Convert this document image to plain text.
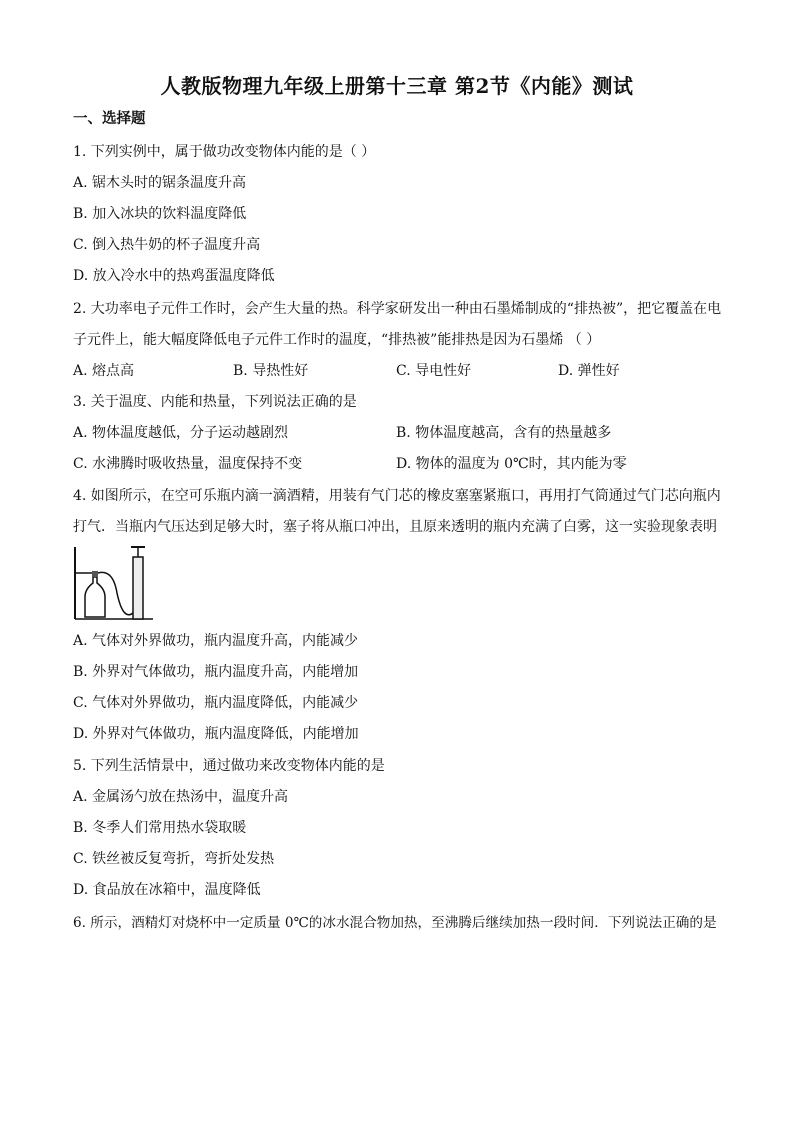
人教版物理九年级上册第十三章 第2节《内能》测试
一、选择题
1. 下列实例中，属于做功改变物体内能的是（ ）
A. 锯木头时的锯条温度升高
B. 加入冰块的饮料温度降低
C. 倒入热牛奶的杯子温度升高
D. 放入冷水中的热鸡蛋温度降低
2. 大功率电子元件工作时，会产生大量的热。科学家研发出一种由石墨烯制成的“排热被”，把它覆盖在电
子元件上，能大幅度降低电子元件工作时的温度，“排热被”能排热是因为石墨烯 （ ）
A. 熔点高	B. 导热性好	C. 导电性好	D. 弹性好
3. 关于温度、内能和热量，下列说法正确的是
A. 物体温度越低，分子运动越剧烈	B. 物体温度越高，含有的热量越多
C. 水沸腾时吸收热量，温度保持不变	D. 物体的温度为 0℃时，其内能为零
4. 如图所示，在空可乐瓶内滴一滴酒精，用装有气门芯的橡皮塞塞紧瓶口，再用打气筒通过气门芯向瓶内
打气．当瓶内气压达到足够大时，塞子将从瓶口冲出，且原来透明的瓶内充满了白雾，这一实验现象表明
A. 气体对外界做功，瓶内温度升高，内能减少
B. 外界对气体做功，瓶内温度升高，内能增加
C. 气体对外界做功，瓶内温度降低，内能减少
D. 外界对气体做功，瓶内温度降低，内能增加
5. 下列生活情景中，通过做功来改变物体内能的是
A. 金属汤勺放在热汤中，温度升高
B. 冬季人们常用热水袋取暖
C. 铁丝被反复弯折，弯折处发热
D. 食品放在冰箱中，温度降低
6. 所示，酒精灯对烧杯中一定质量 0℃的冰水混合物加热，至沸腾后继续加热一段时间．下列说法正确的是
